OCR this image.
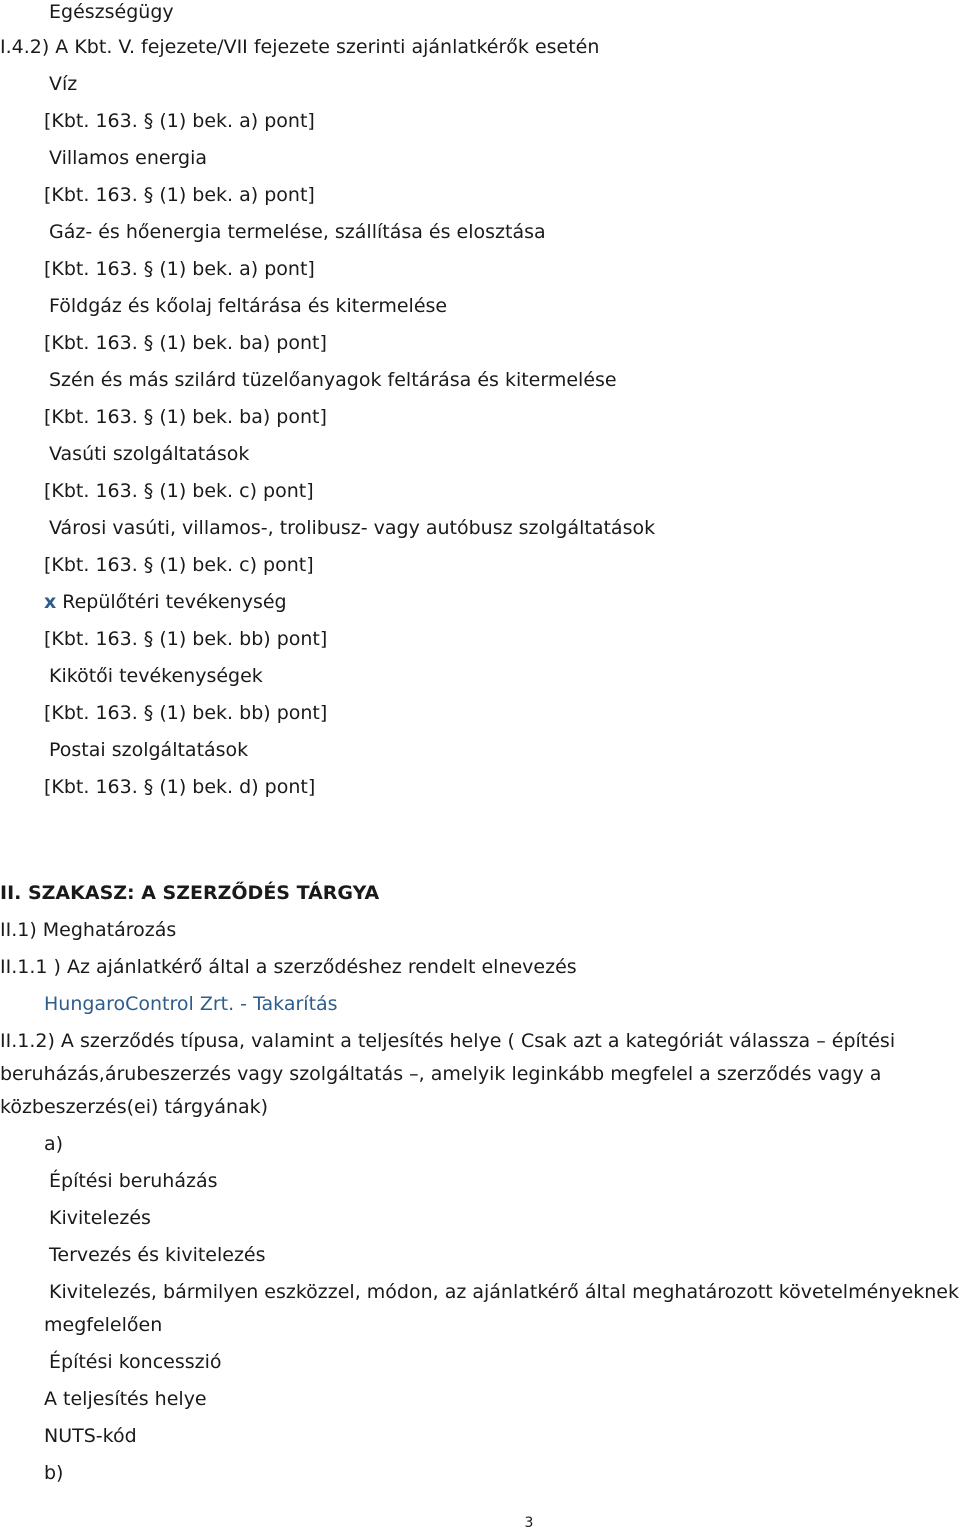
Egészségügy
I.4.2) A Kbt. V. fejezete/VII fejezete szerinti ajánlatkérők esetén
Víz
[Kbt. 163. § (1) bek. a) pont]
Villamos energia
[Kbt. 163. § (1) bek. a) pont]
Gáz- és hőenergia termelése, szállítása és elosztása
[Kbt. 163. § (1) bek. a) pont]
Földgáz és kőolaj feltárása és kitermelése
[Kbt. 163. § (1) bek. ba) pont]
Szén és más szilárd tüzelőanyagok feltárása és kitermelése
[Kbt. 163. § (1) bek. ba) pont]
Vasúti szolgáltatások
[Kbt. 163. § (1) bek. c) pont]
Városi vasúti, villamos-, trolibusz- vagy autóbusz szolgáltatások
[Kbt. 163. § (1) bek. c) pont]
x Repülőtéri tevékenység
[Kbt. 163. § (1) bek. bb) pont]
Kikötői tevékenységek
[Kbt. 163. § (1) bek. bb) pont]
Postai szolgáltatások
[Kbt. 163. § (1) bek. d) pont]
II. SZAKASZ: A SZERZŐDÉS TÁRGYA
II.1) Meghatározás
II.1.1 ) Az ajánlatkérő által a szerződéshez rendelt elnevezés
HungaroControl Zrt. - Takarítás
II.1.2) A szerződés típusa, valamint a teljesítés helye ( Csak azt a kategóriát válassza – építési
beruházás,árubeszerzés vagy szolgáltatás –, amelyik leginkább megfelel a szerződés vagy a
közbeszerzés(ei) tárgyának)
a)
Építési beruházás
Kivitelezés
Tervezés és kivitelezés
Kivitelezés, bármilyen eszközzel, módon, az ajánlatkérő által meghatározott követelményeknek
megfelelően
Építési koncesszió
A teljesítés helye
NUTS-kód
b)
3
